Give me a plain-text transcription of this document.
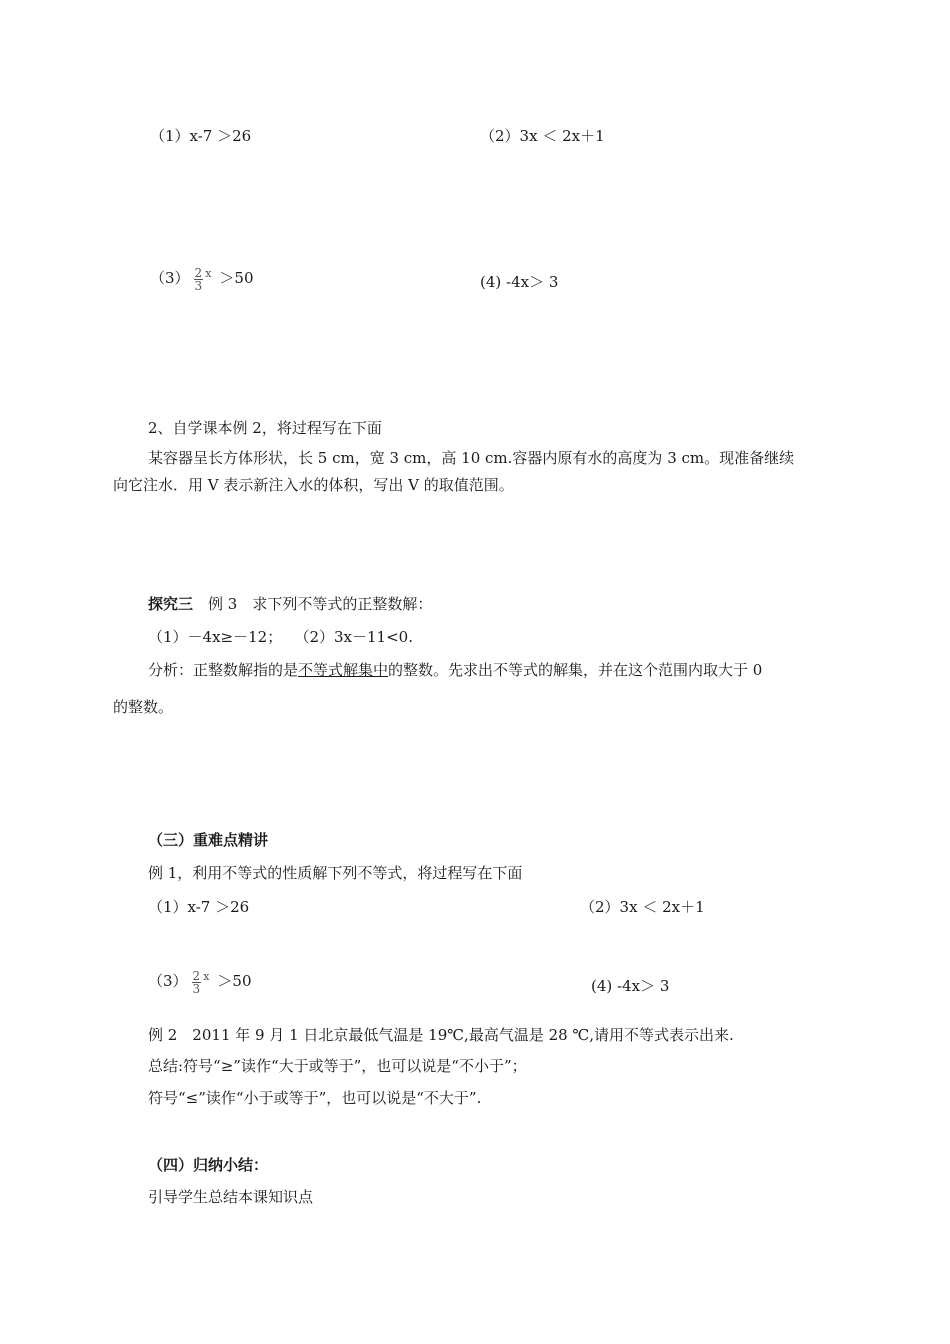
（1）x-7 ＞26	（2）3x ＜ 2x＋1
$(3) \frac{2}{3}$ x ＞50	(4) -4x＞ 3
2、自学课本例 2，将过程写在下面
某容器呈长方体形状，长 5 cm，宽 3 cm，高 10 cm.容器内原有水的高度为 3 cm。现准备继续
向它注水．用 V 表示新注入水的体积，写出 V 的取值范围。
探究三　 例 3　求下列不等式的正整数解：
（1）－4x≥－12；　 （2）3x－11<0.
分析：正整数解指的是不等式解集中的整数。先求出不等式的解集，并在这个范围内取大于 0
的整数。
（三）重难点精讲
例 1，利用不等式的性质解下列不等式，将过程写在下面
（1）x-7 ＞26	（2）3x ＜ 2x＋1
$(3) \frac{2}{3}$ x ＞50	(4) -4x＞ 3
例 2　2011 年 9 月 1 日北京最低气温是 19℃,最高气温是 28 ℃,请用不等式表示出来.
总结:符号“≥”读作“大于或等于”，也可以说是“不小于”；
符号“≤”读作“小于或等于”，也可以说是“不大于”.
（四）归纳小结：
引导学生总结本课知识点
